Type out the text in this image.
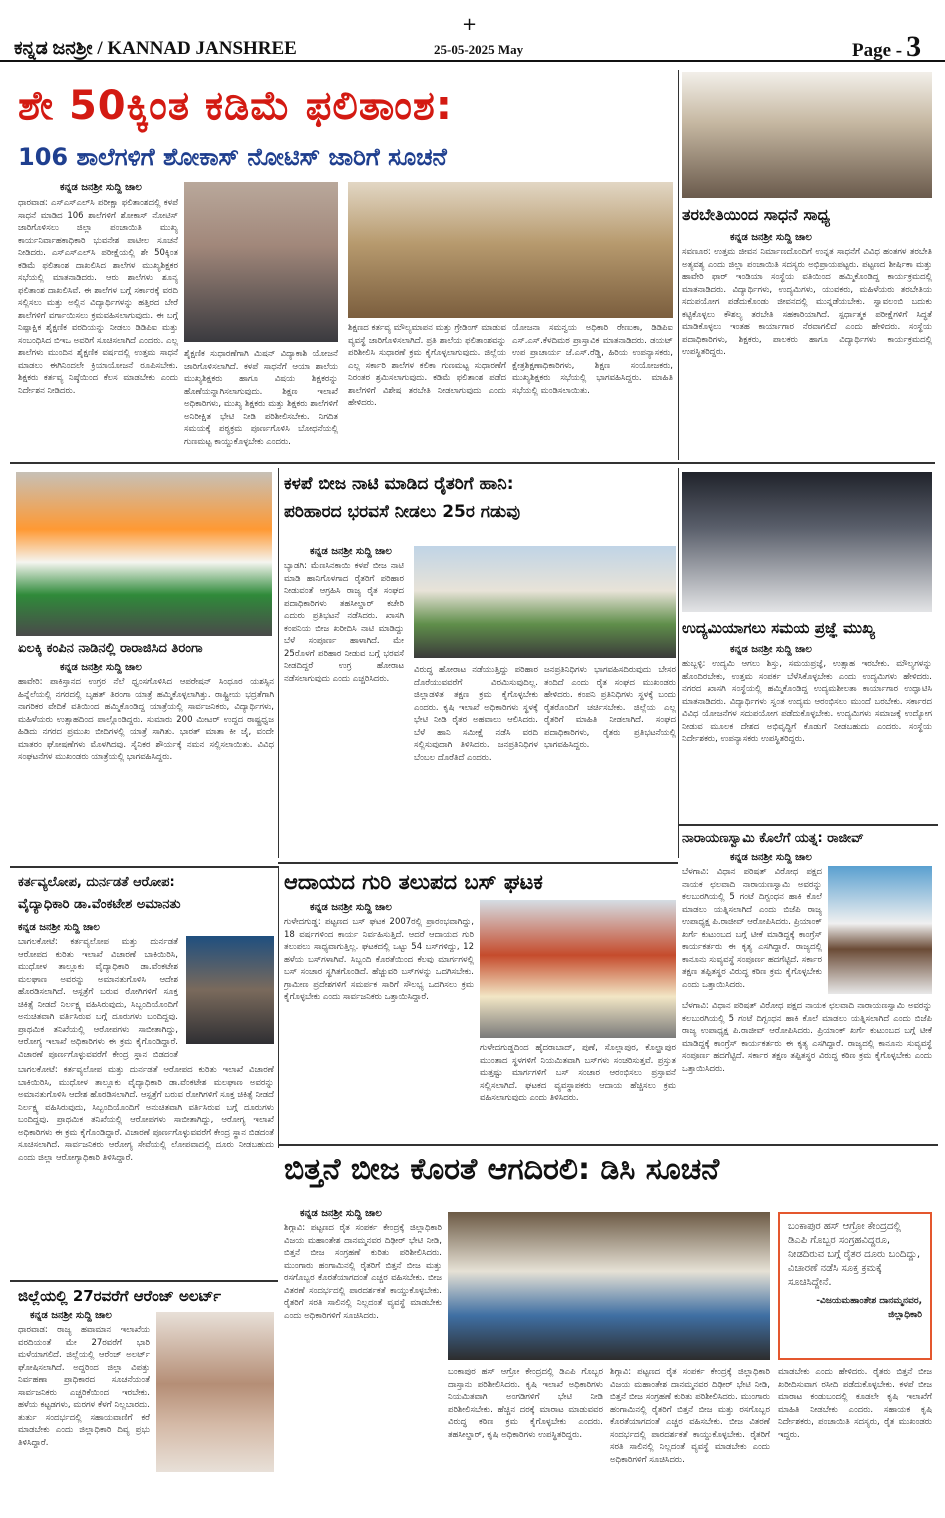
ಕನ್ನಡ ಜನಶ್ರೀ / KANNAD JANSHREE
+
25-05-2025 May	Page - 3
ಶೇ 50ಕ್ಕಿಂತ ಕಡಿಮೆ ಫಲಿತಾಂಶ:
106 ಶಾಲೆಗಳಿಗೆ ಶೋಕಾಸ್ ನೋಟಿಸ್ ಜಾರಿಗೆ ಸೂಚನೆ
ಕನ್ನಡ ಜನಶ್ರೀ ಸುದ್ದಿ ಜಾಲ
ಧಾರವಾಡ: ಎಸ್‌ಎಸ್‌ಎಲ್‌ಸಿ ಪರೀಕ್ಷಾ ಫಲಿತಾಂಶದಲ್ಲಿ ಕಳಪೆ ಸಾಧನೆ ಮಾಡಿದ 106 ಶಾಲೆಗಳಿಗೆ ಶೋಕಾಸ್ ನೋಟಿಸ್ ಜಾರಿಗೊಳಿಸಲು ಜಿಲ್ಲಾ ಪಂಚಾಯಿತಿ ಮುಖ್ಯ ಕಾರ್ಯನಿರ್ವಾಹಕಾಧಿಕಾರಿ ಭುವನೇಶ ಪಾಟೀಲ ಸೂಚನೆ ನೀಡಿದರು. ಎಸ್‌ಎಸ್‌ಎಲ್‌ಸಿ ಪರೀಕ್ಷೆಯಲ್ಲಿ ಶೇ 50ಕ್ಕಿಂತ ಕಡಿಮೆ ಫಲಿತಾಂಶ ದಾಖಲಿಸಿದ ಶಾಲೆಗಳ ಮುಖ್ಯಶಿಕ್ಷಕರ ಸಭೆಯಲ್ಲಿ ಮಾತನಾಡಿದರು. ಆರು ಶಾಲೆಗಳು ಶೂನ್ಯ ಫಲಿತಾಂಶ ದಾಖಲಿಸಿವೆ. ಈ ಶಾಲೆಗಳ ಬಗ್ಗೆ ಸರ್ಕಾರಕ್ಕೆ ವರದಿ ಸಲ್ಲಿಸಲು ಮತ್ತು ಅಲ್ಲಿನ ವಿದ್ಯಾರ್ಥಿಗಳನ್ನು ಹತ್ತಿರದ ಬೇರೆ ಶಾಲೆಗಳಿಗೆ ವರ್ಗಾಯಿಸಲು ಕ್ರಮವಹಿಸಲಾಗುವುದು. ಈ ಬಗ್ಗೆ ನಿಷ್ಪಾಕ್ಷಿಕ ಶೈಕ್ಷಣಿಕ ವರದಿಯನ್ನು ನೀಡಲು ಡಿಡಿಪಿಐ ಮತ್ತು ಸಂಬಂಧಿಸಿದ ಬಿಇಒ ಅವರಿಗೆ ಸೂಚಿಸಲಾಗಿದೆ ಎಂದರು. ಎಲ್ಲ ಶಾಲೆಗಳು ಮುಂದಿನ ಶೈಕ್ಷಣಿಕ ವರ್ಷದಲ್ಲಿ ಉತ್ತಮ ಸಾಧನೆ ಮಾಡಲು ಈಗಿನಿಂದಲೇ ಕ್ರಿಯಾಯೋಜನೆ ರೂಪಿಸಬೇಕು. ಶಿಕ್ಷಕರು ಕರ್ತವ್ಯ ನಿಷ್ಠೆಯಿಂದ ಕೆಲಸ ಮಾಡಬೇಕು ಎಂದು ನಿರ್ದೇಶನ ನೀಡಿದರು.
ಶೈಕ್ಷಣಿಕ ಸುಧಾರಣೆಗಾಗಿ ಮಿಷನ್ ವಿದ್ಯಾಕಾಶಿ ಯೋಜನೆ ಜಾರಿಗೊಳಿಸಲಾಗಿದೆ. ಕಳಪೆ ಸಾಧನೆಗೆ ಆಯಾ ಶಾಲೆಯ ಮುಖ್ಯಶಿಕ್ಷಕರು ಹಾಗೂ ವಿಷಯ ಶಿಕ್ಷಕರನ್ನು ಹೊಣೆಯನ್ನಾಗಿಸಲಾಗುವುದು. ಶಿಕ್ಷಣ ಇಲಾಖೆ ಅಧಿಕಾರಿಗಳು, ಮುಖ್ಯ ಶಿಕ್ಷಕರು ಮತ್ತು ಶಿಕ್ಷಕರು ಶಾಲೆಗಳಿಗೆ ಅನಿರೀಕ್ಷಿತ ಭೇಟಿ ನೀಡಿ ಪರಿಶೀಲಿಸಬೇಕು. ನಿಗದಿತ ಸಮಯಕ್ಕೆ ಪಠ್ಯಕ್ರಮ ಪೂರ್ಣಗೊಳಿಸಿ ಬೋಧನೆಯಲ್ಲಿ ಗುಣಮಟ್ಟ ಕಾಯ್ದುಕೊಳ್ಳಬೇಕು ಎಂದರು.
ಶಿಕ್ಷಣದ ಕರ್ತವ್ಯ ಮೌಲ್ಯಮಾಪನ ಮತ್ತು ಗ್ರೇಡಿಂಗ್ ಮಾಡುವ ವ್ಯವಸ್ಥೆ ಜಾರಿಗೊಳಿಸಲಾಗಿದೆ. ಪ್ರತಿ ಶಾಲೆಯ ಫಲಿತಾಂಶವನ್ನು ಪರಿಶೀಲಿಸಿ ಸುಧಾರಣೆ ಕ್ರಮ ಕೈಗೊಳ್ಳಲಾಗುವುದು. ಜಿಲ್ಲೆಯ ಎಲ್ಲ ಸರ್ಕಾರಿ ಶಾಲೆಗಳ ಕಲಿಕಾ ಗುಣಮಟ್ಟ ಸುಧಾರಣೆಗೆ ನಿರಂತರ ಶ್ರಮಿಸಲಾಗುವುದು. ಕಡಿಮೆ ಫಲಿತಾಂಶ ಪಡೆದ ಶಾಲೆಗಳಿಗೆ ವಿಶೇಷ ತರಬೇತಿ ನೀಡಲಾಗುವುದು ಎಂದು ಹೇಳಿದರು.
ಯೋಜನಾ ಸಮನ್ವಯ ಅಧಿಕಾರಿ ರೇಣುಕಾ, ಡಿಡಿಪಿಐ ಎಸ್.ಎಸ್.ಕೆಳದಿಮಠ ಪ್ರಾಸ್ತಾವಿಕ ಮಾತನಾಡಿದರು. ಡಯಟ್ ಉಪ ಪ್ರಾಚಾರ್ಯ ಜೆ.ಎಸ್.ರೆಡ್ಡಿ, ಹಿರಿಯ ಉಪನ್ಯಾಸಕರು, ಕ್ಷೇತ್ರಶಿಕ್ಷಣಾಧಿಕಾರಿಗಳು, ಶಿಕ್ಷಣ ಸಂಯೋಜಕರು, ಮುಖ್ಯಶಿಕ್ಷಕರು ಸಭೆಯಲ್ಲಿ ಭಾಗವಹಿಸಿದ್ದರು. ಮಾಹಿತಿ ಸಭೆಯಲ್ಲಿ ಮಂಡಿಸಲಾಯಿತು.
ತರಬೇತಿಯಿಂದ ಸಾಧನೆ ಸಾಧ್ಯ
ಕನ್ನಡ ಜನಶ್ರೀ ಸುದ್ದಿ ಜಾಲ
ಸವಣೂರ: ಉತ್ತಮ ಜೀವನ ನಿರ್ಮಾಣದೊಂದಿಗೆ ಉನ್ನತ ಸಾಧನೆಗೆ ವಿವಿಧ ಹಂತಗಳ ತರಬೇತಿ ಅತ್ಯವಶ್ಯ ಎಂದು ಜಿಲ್ಲಾ ಪಂಚಾಯಿತಿ ಸದಸ್ಯರು ಅಭಿಪ್ರಾಯಪಟ್ಟರು. ಪಟ್ಟಣದ ಶೀರ್ಷಿಕಾ ಮತ್ತು ಹಾವೇರಿ ಫಾರ್ ಇಂಡಿಯಾ ಸಂಸ್ಥೆಯ ವತಿಯಿಂದ ಹಮ್ಮಿಕೊಂಡಿದ್ದ ಕಾರ್ಯಕ್ರಮದಲ್ಲಿ ಮಾತನಾಡಿದರು. ವಿದ್ಯಾರ್ಥಿಗಳು, ಉದ್ಯಮಿಗಳು, ಯುವಕರು, ಮಹಿಳೆಯರು ತರಬೇತಿಯ ಸದುಪಯೋಗ ಪಡೆದುಕೊಂಡು ಜೀವನದಲ್ಲಿ ಮುನ್ನಡೆಯಬೇಕು. ಸ್ವಾವಲಂಬಿ ಬದುಕು ಕಟ್ಟಿಕೊಳ್ಳಲು ಕೌಶಲ್ಯ ತರಬೇತಿ ಸಹಕಾರಿಯಾಗಿದೆ. ಸ್ಪರ್ಧಾತ್ಮಕ ಪರೀಕ್ಷೆಗಳಿಗೆ ಸಿದ್ಧತೆ ಮಾಡಿಕೊಳ್ಳಲು ಇಂತಹ ಕಾರ್ಯಾಗಾರ ನೆರವಾಗಲಿದೆ ಎಂದು ಹೇಳಿದರು. ಸಂಸ್ಥೆಯ ಪದಾಧಿಕಾರಿಗಳು, ಶಿಕ್ಷಕರು, ಪಾಲಕರು ಹಾಗೂ ವಿದ್ಯಾರ್ಥಿಗಳು ಕಾರ್ಯಕ್ರಮದಲ್ಲಿ ಉಪಸ್ಥಿತರಿದ್ದರು.
ಏಲಕ್ಕಿ ಕಂಪಿನ ನಾಡಿನಲ್ಲಿ ರಾರಾಜಿಸಿದ ತಿರಂಗಾ
ಕನ್ನಡ ಜನಶ್ರೀ ಸುದ್ದಿ ಜಾಲ
ಹಾವೇರಿ: ಪಾಕಿಸ್ತಾನದ ಉಗ್ರರ ನೆಲೆ ಧ್ವಂಸಗೊಳಿಸಿದ ಆಪರೇಷನ್ ಸಿಂಧೂರ ಯಶಸ್ಸಿನ ಹಿನ್ನೆಲೆಯಲ್ಲಿ ನಗರದಲ್ಲಿ ಬೃಹತ್ ತಿರಂಗಾ ಯಾತ್ರೆ ಹಮ್ಮಿಕೊಳ್ಳಲಾಗಿತ್ತು. ರಾಷ್ಟ್ರೀಯ ಭದ್ರತೆಗಾಗಿ ನಾಗರಿಕರ ವೇದಿಕೆ ವತಿಯಿಂದ ಹಮ್ಮಿಕೊಂಡಿದ್ದ ಯಾತ್ರೆಯಲ್ಲಿ ಸಾರ್ವಜನಿಕರು, ವಿದ್ಯಾರ್ಥಿಗಳು, ಮಹಿಳೆಯರು ಉತ್ಸಾಹದಿಂದ ಪಾಲ್ಗೊಂಡಿದ್ದರು. ಸುಮಾರು 200 ಮೀಟರ್ ಉದ್ದದ ರಾಷ್ಟ್ರಧ್ವಜ ಹಿಡಿದು ನಗರದ ಪ್ರಮುಖ ಬೀದಿಗಳಲ್ಲಿ ಯಾತ್ರೆ ಸಾಗಿತು. ಭಾರತ್ ಮಾತಾ ಕೀ ಜೈ, ವಂದೇ ಮಾತರಂ ಘೋಷಣೆಗಳು ಮೊಳಗಿದವು. ಸೈನಿಕರ ಶೌರ್ಯಕ್ಕೆ ನಮನ ಸಲ್ಲಿಸಲಾಯಿತು. ವಿವಿಧ ಸಂಘಟನೆಗಳ ಮುಖಂಡರು ಯಾತ್ರೆಯಲ್ಲಿ ಭಾಗವಹಿಸಿದ್ದರು.
ಕಳಪೆ ಬೀಜ ನಾಟಿ ಮಾಡಿದ ರೈತರಿಗೆ ಹಾನಿ:
ಪರಿಹಾರದ ಭರವಸೆ ನೀಡಲು 25ರ ಗಡುವು
ಕನ್ನಡ ಜನಶ್ರೀ ಸುದ್ದಿ ಜಾಲ
ಬ್ಯಾಡಗಿ: ಮೆಣಸಿನಕಾಯಿ ಕಳಪೆ ಬೀಜ ನಾಟಿ ಮಾಡಿ ಹಾನಿಗೊಳಗಾದ ರೈತರಿಗೆ ಪರಿಹಾರ ನೀಡುವಂತೆ ಆಗ್ರಹಿಸಿ ರಾಜ್ಯ ರೈತ ಸಂಘದ ಪದಾಧಿಕಾರಿಗಳು ತಹಸೀಲ್ದಾರ್ ಕಚೇರಿ ಎದುರು ಪ್ರತಿಭಟನೆ ನಡೆಸಿದರು. ಖಾಸಗಿ ಕಂಪನಿಯ ಬೀಜ ಖರೀದಿಸಿ ನಾಟಿ ಮಾಡಿದ್ದು ಬೆಳೆ ಸಂಪೂರ್ಣ ಹಾಳಾಗಿದೆ. ಮೇ 25ರೊಳಗೆ ಪರಿಹಾರ ನೀಡುವ ಬಗ್ಗೆ ಭರವಸೆ ನೀಡದಿದ್ದರೆ ಉಗ್ರ ಹೋರಾಟ ನಡೆಸಲಾಗುವುದು ಎಂದು ಎಚ್ಚರಿಸಿದರು.
ವಿರುದ್ಧ ಹೋರಾಟ ನಡೆಯುತ್ತಿದ್ದು ಪರಿಹಾರ ದೊರೆಯುವವರೆಗೆ ವಿರಮಿಸುವುದಿಲ್ಲ. ಜಿಲ್ಲಾಡಳಿತ ತಕ್ಷಣ ಕ್ರಮ ಕೈಗೊಳ್ಳಬೇಕು ಎಂದರು. ಕೃಷಿ ಇಲಾಖೆ ಅಧಿಕಾರಿಗಳು ಸ್ಥಳಕ್ಕೆ ಭೇಟಿ ನೀಡಿ ರೈತರ ಅಹವಾಲು ಆಲಿಸಿದರು. ಬೆಳೆ ಹಾನಿ ಸಮೀಕ್ಷೆ ನಡೆಸಿ ವರದಿ ಸಲ್ಲಿಸುವುದಾಗಿ ತಿಳಿಸಿದರು. ಜನಪ್ರತಿನಿಧಿಗಳ ಬೆಂಬಲ ದೊರೆತಿದೆ ಎಂದರು.
ಜನಪ್ರತಿನಿಧಿಗಳು ಭಾಗವಹಿಸದಿರುವುದು ಬೇಸರ ತಂದಿದೆ ಎಂದು ರೈತ ಸಂಘದ ಮುಖಂಡರು ಹೇಳಿದರು. ಕಂಪನಿ ಪ್ರತಿನಿಧಿಗಳು ಸ್ಥಳಕ್ಕೆ ಬಂದು ರೈತರೊಂದಿಗೆ ಚರ್ಚಿಸಬೇಕು. ಜಿಲ್ಲೆಯ ಎಲ್ಲ ರೈತರಿಗೆ ಮಾಹಿತಿ ನೀಡಲಾಗಿದೆ. ಸಂಘದ ಪದಾಧಿಕಾರಿಗಳು, ರೈತರು ಪ್ರತಿಭಟನೆಯಲ್ಲಿ ಭಾಗವಹಿಸಿದ್ದರು.
ಉದ್ಯಮಿಯಾಗಲು ಸಮಯ ಪ್ರಜ್ಞೆ ಮುಖ್ಯ
ಕನ್ನಡ ಜನಶ್ರೀ ಸುದ್ದಿ ಜಾಲ
ಹುಬ್ಬಳ್ಳಿ: ಉದ್ಯಮಿ ಆಗಲು ಶಿಸ್ತು, ಸಮಯಪ್ರಜ್ಞೆ, ಉತ್ಸಾಹ ಇರಬೇಕು. ಮೌಲ್ಯಗಳನ್ನು ಹೊಂದಿರಬೇಕು, ಉತ್ತಮ ಸಂಪರ್ಕ ಬೆಳೆಸಿಕೊಳ್ಳಬೇಕು ಎಂದು ಉದ್ಯಮಿಗಳು ಹೇಳಿದರು. ನಗರದ ಖಾಸಗಿ ಸಂಸ್ಥೆಯಲ್ಲಿ ಹಮ್ಮಿಕೊಂಡಿದ್ದ ಉದ್ಯಮಶೀಲತಾ ಕಾರ್ಯಾಗಾರ ಉದ್ಘಾಟಿಸಿ ಮಾತನಾಡಿದರು. ವಿದ್ಯಾರ್ಥಿಗಳು ಸ್ವಂತ ಉದ್ಯಮ ಆರಂಭಿಸಲು ಮುಂದೆ ಬರಬೇಕು. ಸರ್ಕಾರದ ವಿವಿಧ ಯೋಜನೆಗಳ ಸದುಪಯೋಗ ಪಡೆದುಕೊಳ್ಳಬೇಕು. ಉದ್ಯಮಿಗಳು ಸಮಾಜಕ್ಕೆ ಉದ್ಯೋಗ ನೀಡುವ ಮೂಲಕ ದೇಶದ ಅಭಿವೃದ್ಧಿಗೆ ಕೊಡುಗೆ ನೀಡಬಹುದು ಎಂದರು. ಸಂಸ್ಥೆಯ ನಿರ್ದೇಶಕರು, ಉಪನ್ಯಾಸಕರು ಉಪಸ್ಥಿತರಿದ್ದರು.
ನಾರಾಯಣಸ್ವಾಮಿ ಕೊಲೆಗೆ ಯತ್ನ: ರಾಜೀವ್
ಕನ್ನಡ ಜನಶ್ರೀ ಸುದ್ದಿ ಜಾಲ
ಬೆಳಗಾವಿ: ವಿಧಾನ ಪರಿಷತ್ ವಿರೋಧ ಪಕ್ಷದ ನಾಯಕ ಛಲವಾದಿ ನಾರಾಯಣಸ್ವಾಮಿ ಅವರನ್ನು ಕಲಬುರಗಿಯಲ್ಲಿ 5 ಗಂಟೆ ದಿಗ್ಬಂಧನ ಹಾಕಿ ಕೊಲೆ ಮಾಡಲು ಯತ್ನಿಸಲಾಗಿದೆ ಎಂದು ಬಿಜೆಪಿ ರಾಜ್ಯ ಉಪಾಧ್ಯಕ್ಷ ಪಿ.ರಾಜೀವ್ ಆರೋಪಿಸಿದರು. ಪ್ರಿಯಾಂಕ್ ಖರ್ಗೆ ಕುಟುಂಬದ ಬಗ್ಗೆ ಟೀಕೆ ಮಾಡಿದ್ದಕ್ಕೆ ಕಾಂಗ್ರೆಸ್ ಕಾರ್ಯಕರ್ತರು ಈ ಕೃತ್ಯ ಎಸಗಿದ್ದಾರೆ. ರಾಜ್ಯದಲ್ಲಿ ಕಾನೂನು ಸುವ್ಯವಸ್ಥೆ ಸಂಪೂರ್ಣ ಹದಗೆಟ್ಟಿದೆ. ಸರ್ಕಾರ ತಕ್ಷಣ ತಪ್ಪಿತಸ್ಥರ ವಿರುದ್ಧ ಕಠಿಣ ಕ್ರಮ ಕೈಗೊಳ್ಳಬೇಕು ಎಂದು ಒತ್ತಾಯಿಸಿದರು.
ಬೆಳಗಾವಿ: ವಿಧಾನ ಪರಿಷತ್ ವಿರೋಧ ಪಕ್ಷದ ನಾಯಕ ಛಲವಾದಿ ನಾರಾಯಣಸ್ವಾಮಿ ಅವರನ್ನು ಕಲಬುರಗಿಯಲ್ಲಿ 5 ಗಂಟೆ ದಿಗ್ಬಂಧನ ಹಾಕಿ ಕೊಲೆ ಮಾಡಲು ಯತ್ನಿಸಲಾಗಿದೆ ಎಂದು ಬಿಜೆಪಿ ರಾಜ್ಯ ಉಪಾಧ್ಯಕ್ಷ ಪಿ.ರಾಜೀವ್ ಆರೋಪಿಸಿದರು. ಪ್ರಿಯಾಂಕ್ ಖರ್ಗೆ ಕುಟುಂಬದ ಬಗ್ಗೆ ಟೀಕೆ ಮಾಡಿದ್ದಕ್ಕೆ ಕಾಂಗ್ರೆಸ್ ಕಾರ್ಯಕರ್ತರು ಈ ಕೃತ್ಯ ಎಸಗಿದ್ದಾರೆ. ರಾಜ್ಯದಲ್ಲಿ ಕಾನೂನು ಸುವ್ಯವಸ್ಥೆ ಸಂಪೂರ್ಣ ಹದಗೆಟ್ಟಿದೆ. ಸರ್ಕಾರ ತಕ್ಷಣ ತಪ್ಪಿತಸ್ಥರ ವಿರುದ್ಧ ಕಠಿಣ ಕ್ರಮ ಕೈಗೊಳ್ಳಬೇಕು ಎಂದು ಒತ್ತಾಯಿಸಿದರು.
ಕರ್ತವ್ಯಲೋಪ, ದುರ್ನಡತೆ ಆರೋಪ:
ವೈದ್ಯಾಧಿಕಾರಿ ಡಾ.ವೆಂಕಟೇಶ ಅಮಾನತು
ಕನ್ನಡ ಜನಶ್ರೀ ಸುದ್ದಿ ಜಾಲ
ಬಾಗಲಕೋಟೆ: ಕರ್ತವ್ಯಲೋಪ ಮತ್ತು ದುರ್ನಡತೆ ಆರೋಪದ ಕುರಿತು ಇಲಾಖೆ ವಿಚಾರಣೆ ಬಾಕಿಯಿರಿಸಿ, ಮುಧೋಳ ತಾಲ್ಲೂಕು ವೈದ್ಯಾಧಿಕಾರಿ ಡಾ.ವೆಂಕಟೇಶ ಮಲಘಾಣ ಅವರನ್ನು ಅಮಾನತುಗೊಳಿಸಿ ಆದೇಶ ಹೊರಡಿಸಲಾಗಿದೆ. ಆಸ್ಪತ್ರೆಗೆ ಬರುವ ರೋಗಿಗಳಿಗೆ ಸೂಕ್ತ ಚಿಕಿತ್ಸೆ ನೀಡದೆ ನಿರ್ಲಕ್ಷ್ಯ ವಹಿಸಿರುವುದು, ಸಿಬ್ಬಂದಿಯೊಂದಿಗೆ ಅನುಚಿತವಾಗಿ ವರ್ತಿಸಿರುವ ಬಗ್ಗೆ ದೂರುಗಳು ಬಂದಿದ್ದವು. ಪ್ರಾಥಮಿಕ ತನಿಖೆಯಲ್ಲಿ ಆರೋಪಗಳು ಸಾಬೀತಾಗಿದ್ದು, ಆರೋಗ್ಯ ಇಲಾಖೆ ಅಧಿಕಾರಿಗಳು ಈ ಕ್ರಮ ಕೈಗೊಂಡಿದ್ದಾರೆ. ವಿಚಾರಣೆ ಪೂರ್ಣಗೊಳ್ಳುವವರೆಗೆ ಕೇಂದ್ರ ಸ್ಥಾನ ಬಿಡದಂತೆ
ಬಾಗಲಕೋಟೆ: ಕರ್ತವ್ಯಲೋಪ ಮತ್ತು ದುರ್ನಡತೆ ಆರೋಪದ ಕುರಿತು ಇಲಾಖೆ ವಿಚಾರಣೆ ಬಾಕಿಯಿರಿಸಿ, ಮುಧೋಳ ತಾಲ್ಲೂಕು ವೈದ್ಯಾಧಿಕಾರಿ ಡಾ.ವೆಂಕಟೇಶ ಮಲಘಾಣ ಅವರನ್ನು ಅಮಾನತುಗೊಳಿಸಿ ಆದೇಶ ಹೊರಡಿಸಲಾಗಿದೆ. ಆಸ್ಪತ್ರೆಗೆ ಬರುವ ರೋಗಿಗಳಿಗೆ ಸೂಕ್ತ ಚಿಕಿತ್ಸೆ ನೀಡದೆ ನಿರ್ಲಕ್ಷ್ಯ ವಹಿಸಿರುವುದು, ಸಿಬ್ಬಂದಿಯೊಂದಿಗೆ ಅನುಚಿತವಾಗಿ ವರ್ತಿಸಿರುವ ಬಗ್ಗೆ ದೂರುಗಳು ಬಂದಿದ್ದವು. ಪ್ರಾಥಮಿಕ ತನಿಖೆಯಲ್ಲಿ ಆರೋಪಗಳು ಸಾಬೀತಾಗಿದ್ದು, ಆರೋಗ್ಯ ಇಲಾಖೆ ಅಧಿಕಾರಿಗಳು ಈ ಕ್ರಮ ಕೈಗೊಂಡಿದ್ದಾರೆ. ವಿಚಾರಣೆ ಪೂರ್ಣಗೊಳ್ಳುವವರೆಗೆ ಕೇಂದ್ರ ಸ್ಥಾನ ಬಿಡದಂತೆ ಸೂಚಿಸಲಾಗಿದೆ. ಸಾರ್ವಜನಿಕರು ಆರೋಗ್ಯ ಸೇವೆಯಲ್ಲಿ ಲೋಪವಾದಲ್ಲಿ ದೂರು ನೀಡಬಹುದು ಎಂದು ಜಿಲ್ಲಾ ಆರೋಗ್ಯಾಧಿಕಾರಿ ತಿಳಿಸಿದ್ದಾರೆ.
ಆದಾಯದ ಗುರಿ ತಲುಪದ ಬಸ್ ಘಟಕ
ಕನ್ನಡ ಜನಶ್ರೀ ಸುದ್ದಿ ಜಾಲ
ಗುಳೇದಗುಡ್ಡ: ಪಟ್ಟಣದ ಬಸ್ ಘಟಕ 2007ರಲ್ಲಿ ಪ್ರಾರಂಭವಾಗಿದ್ದು, 18 ವರ್ಷಗಳಿಂದ ಕಾರ್ಯ ನಿರ್ವಹಿಸುತ್ತಿದೆ. ಆದರೆ ಆದಾಯದ ಗುರಿ ತಲುಪಲು ಸಾಧ್ಯವಾಗುತ್ತಿಲ್ಲ. ಘಟಕದಲ್ಲಿ ಒಟ್ಟು 54 ಬಸ್‌ಗಳಿದ್ದು, 12 ಹಳೆಯ ಬಸ್‌ಗಳಾಗಿವೆ. ಸಿಬ್ಬಂದಿ ಕೊರತೆಯಿಂದ ಕೆಲವು ಮಾರ್ಗಗಳಲ್ಲಿ ಬಸ್ ಸಂಚಾರ ಸ್ಥಗಿತಗೊಂಡಿದೆ. ಹೆಚ್ಚುವರಿ ಬಸ್‌ಗಳನ್ನು ಒದಗಿಸಬೇಕು. ಗ್ರಾಮೀಣ ಪ್ರದೇಶಗಳಿಗೆ ಸಮರ್ಪಕ ಸಾರಿಗೆ ಸೌಲಭ್ಯ ಒದಗಿಸಲು ಕ್ರಮ ಕೈಗೊಳ್ಳಬೇಕು ಎಂದು ಸಾರ್ವಜನಿಕರು ಒತ್ತಾಯಿಸಿದ್ದಾರೆ.
ಗುಳೇದಗುಡ್ಡದಿಂದ ಹೈದರಾಬಾದ್, ಪುಣೆ, ಸೊಲ್ಲಾಪುರ, ಕೊಲ್ಹಾಪುರ ಮುಂತಾದ ಸ್ಥಳಗಳಿಗೆ ನಿಯಮಿತವಾಗಿ ಬಸ್‌ಗಳು ಸಂಚರಿಸುತ್ತವೆ. ಪ್ರಸ್ತುತ ಮತ್ತಷ್ಟು ಮಾರ್ಗಗಳಿಗೆ ಬಸ್ ಸಂಚಾರ ಆರಂಭಿಸಲು ಪ್ರಸ್ತಾವನೆ ಸಲ್ಲಿಸಲಾಗಿದೆ. ಘಟಕದ ವ್ಯವಸ್ಥಾಪಕರು ಆದಾಯ ಹೆಚ್ಚಿಸಲು ಕ್ರಮ ವಹಿಸಲಾಗುವುದು ಎಂದು ತಿಳಿಸಿದರು.
ಬಿತ್ತನೆ ಬೀಜ ಕೊರತೆ ಆಗದಿರಲಿ: ಡಿಸಿ ಸೂಚನೆ
ಕನ್ನಡ ಜನಶ್ರೀ ಸುದ್ದಿ ಜಾಲ
ಶಿಗ್ಗಾವಿ: ಪಟ್ಟಣದ ರೈತ ಸಂಪರ್ಕ ಕೇಂದ್ರಕ್ಕೆ ಜಿಲ್ಲಾಧಿಕಾರಿ ವಿಜಯ ಮಹಾಂತೇಶ ದಾನಮ್ಮನವರ ದಿಢೀರ್ ಭೇಟಿ ನೀಡಿ, ಬಿತ್ತನೆ ಬೀಜ ಸಂಗ್ರಹಣೆ ಕುರಿತು ಪರಿಶೀಲಿಸಿದರು. ಮುಂಗಾರು ಹಂಗಾಮಿನಲ್ಲಿ ರೈತರಿಗೆ ಬಿತ್ತನೆ ಬೀಜ ಮತ್ತು ರಸಗೊಬ್ಬರ ಕೊರತೆಯಾಗದಂತೆ ಎಚ್ಚರ ವಹಿಸಬೇಕು. ಬೀಜ ವಿತರಣೆ ಸಂದರ್ಭದಲ್ಲಿ ಪಾರದರ್ಶಕತೆ ಕಾಯ್ದುಕೊಳ್ಳಬೇಕು. ರೈತರಿಗೆ ಸರತಿ ಸಾಲಿನಲ್ಲಿ ನಿಲ್ಲದಂತೆ ವ್ಯವಸ್ಥೆ ಮಾಡಬೇಕು ಎಂದು ಅಧಿಕಾರಿಗಳಿಗೆ ಸೂಚಿಸಿದರು.
ಬಂಕಾಪುರ ಹಸ್ ಆಗ್ರೋ ಕೇಂದ್ರದಲ್ಲಿ ಡಿಎಪಿ ಗೊಬ್ಬರ ದಾಸ್ತಾನು ಪರಿಶೀಲಿಸಿದರು. ಕೃಷಿ ಇಲಾಖೆ ಅಧಿಕಾರಿಗಳು ನಿಯಮಿತವಾಗಿ ಅಂಗಡಿಗಳಿಗೆ ಭೇಟಿ ನೀಡಿ ಪರಿಶೀಲಿಸಬೇಕು. ಹೆಚ್ಚಿನ ದರಕ್ಕೆ ಮಾರಾಟ ಮಾಡುವವರ ವಿರುದ್ಧ ಕಠಿಣ ಕ್ರಮ ಕೈಗೊಳ್ಳಬೇಕು ಎಂದರು. ತಹಸೀಲ್ದಾರ್, ಕೃಷಿ ಅಧಿಕಾರಿಗಳು ಉಪಸ್ಥಿತರಿದ್ದರು.
ಶಿಗ್ಗಾವಿ: ಪಟ್ಟಣದ ರೈತ ಸಂಪರ್ಕ ಕೇಂದ್ರಕ್ಕೆ ಜಿಲ್ಲಾಧಿಕಾರಿ ವಿಜಯ ಮಹಾಂತೇಶ ದಾನಮ್ಮನವರ ದಿಢೀರ್ ಭೇಟಿ ನೀಡಿ, ಬಿತ್ತನೆ ಬೀಜ ಸಂಗ್ರಹಣೆ ಕುರಿತು ಪರಿಶೀಲಿಸಿದರು. ಮುಂಗಾರು ಹಂಗಾಮಿನಲ್ಲಿ ರೈತರಿಗೆ ಬಿತ್ತನೆ ಬೀಜ ಮತ್ತು ರಸಗೊಬ್ಬರ ಕೊರತೆಯಾಗದಂತೆ ಎಚ್ಚರ ವಹಿಸಬೇಕು. ಬೀಜ ವಿತರಣೆ ಸಂದರ್ಭದಲ್ಲಿ ಪಾರದರ್ಶಕತೆ ಕಾಯ್ದುಕೊಳ್ಳಬೇಕು. ರೈತರಿಗೆ ಸರತಿ ಸಾಲಿನಲ್ಲಿ ನಿಲ್ಲದಂತೆ ವ್ಯವಸ್ಥೆ ಮಾಡಬೇಕು ಎಂದು ಅಧಿಕಾರಿಗಳಿಗೆ ಸೂಚಿಸಿದರು.
ಬಂಕಾಪುರ ಹಸ್ ಆಗ್ರೋ ಕೇಂದ್ರದಲ್ಲಿ ಡಿಎಪಿ ಗೊಬ್ಬರ ಸಂಗ್ರಹವಿದ್ದರೂ, ನೀಡದಿರುವ ಬಗ್ಗೆ ರೈತರ ದೂರು ಬಂದಿದ್ದು, ವಿಚಾರಣೆ ನಡೆಸಿ ಸೂಕ್ತ ಕ್ರಮಕ್ಕೆ ಸೂಚಿಸಿದ್ದೇನೆ.
-ವಿಜಯಮಹಾಂತೇಶ ದಾನಮ್ಮನವರ, ಜಿಲ್ಲಾಧಿಕಾರಿ
ಮಾಡಬೇಕು ಎಂದು ಹೇಳಿದರು. ರೈತರು ಬಿತ್ತನೆ ಬೀಜ ಖರೀದಿಸುವಾಗ ರಸೀದಿ ಪಡೆದುಕೊಳ್ಳಬೇಕು. ಕಳಪೆ ಬೀಜ ಮಾರಾಟ ಕಂಡುಬಂದಲ್ಲಿ ಕೂಡಲೇ ಕೃಷಿ ಇಲಾಖೆಗೆ ಮಾಹಿತಿ ನೀಡಬೇಕು ಎಂದರು. ಸಹಾಯಕ ಕೃಷಿ ನಿರ್ದೇಶಕರು, ಪಂಚಾಯಿತಿ ಸದಸ್ಯರು, ರೈತ ಮುಖಂಡರು ಇದ್ದರು.
ಜಿಲ್ಲೆಯಲ್ಲಿ 27ರವರೆಗೆ ಆರೆಂಜ್ ಅಲರ್ಟ್
ಕನ್ನಡ ಜನಶ್ರೀ ಸುದ್ದಿ ಜಾಲ
ಧಾರವಾಡ: ರಾಜ್ಯ ಹವಾಮಾನ ಇಲಾಖೆಯ ವರದಿಯಂತೆ ಮೇ 27ರವರೆಗೆ ಭಾರಿ ಮಳೆಯಾಗಲಿದೆ. ಜಿಲ್ಲೆಯಲ್ಲಿ ಆರೆಂಜ್ ಅಲರ್ಟ್ ಘೋಷಿಸಲಾಗಿದೆ. ಅದ್ದರಿಂದ ಜಿಲ್ಲಾ ವಿಪತ್ತು ನಿರ್ವಹಣಾ ಪ್ರಾಧಿಕಾರದ ಸೂಚನೆಯಂತೆ ಸಾರ್ವಜನಿಕರು ಎಚ್ಚರಿಕೆಯಿಂದ ಇರಬೇಕು. ಹಳೆಯ ಕಟ್ಟಡಗಳು, ಮರಗಳ ಕೆಳಗೆ ನಿಲ್ಲಬಾರದು. ತುರ್ತು ಸಂದರ್ಭದಲ್ಲಿ ಸಹಾಯವಾಣಿಗೆ ಕರೆ ಮಾಡಬೇಕು ಎಂದು ಜಿಲ್ಲಾಧಿಕಾರಿ ದಿವ್ಯ ಪ್ರಭು ತಿಳಿಸಿದ್ದಾರೆ.
